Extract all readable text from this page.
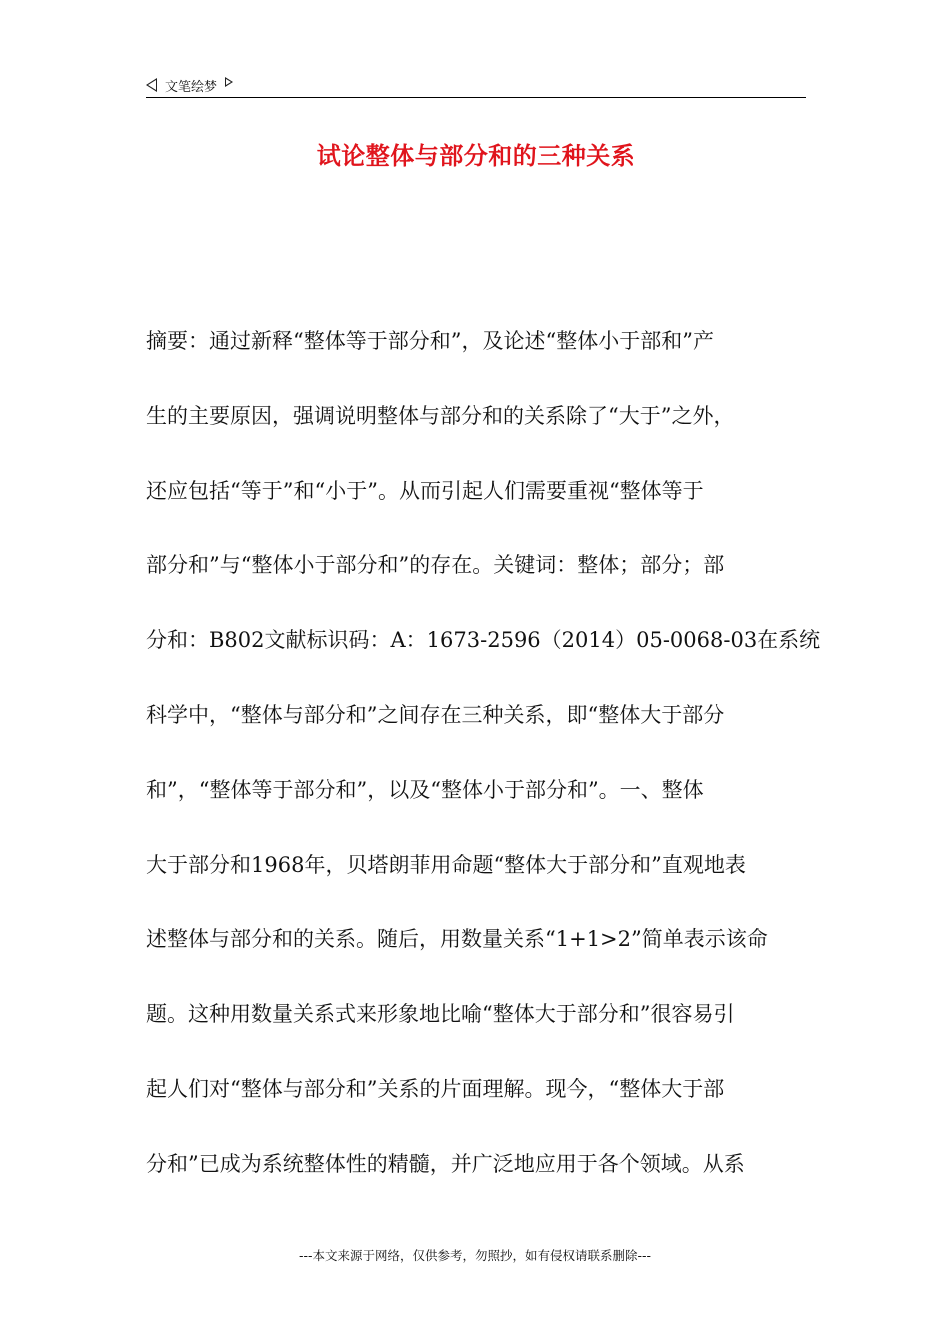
文笔绘梦
试论整体与部分和的三种关系
摘要：通过新释“整体等于部分和”，及论述“整体小于部和”产
生的主要原因，强调说明整体与部分和的关系除了“大于”之外，
还应包括“等于”和“小于”。从而引起人们需要重视“整体等于
部分和”与“整体小于部分和”的存在。关键词：整体；部分；部
分和：B802文献标识码：A：1673-2596（2014）05-0068-03在系统
科学中，“整体与部分和”之间存在三种关系，即“整体大于部分
和”，“整体等于部分和”，以及“整体小于部分和”。一、整体
大于部分和1968年，贝塔朗菲用命题“整体大于部分和”直观地表
述整体与部分和的关系。随后，用数量关系“1+1>2”简单表示该命
题。这种用数量关系式来形象地比喻“整体大于部分和”很容易引
起人们对“整体与部分和”关系的片面理解。现今，“整体大于部
分和”已成为系统整体性的精髓，并广泛地应用于各个领域。从系
---本文来源于网络，仅供参考，勿照抄，如有侵权请联系删除---
